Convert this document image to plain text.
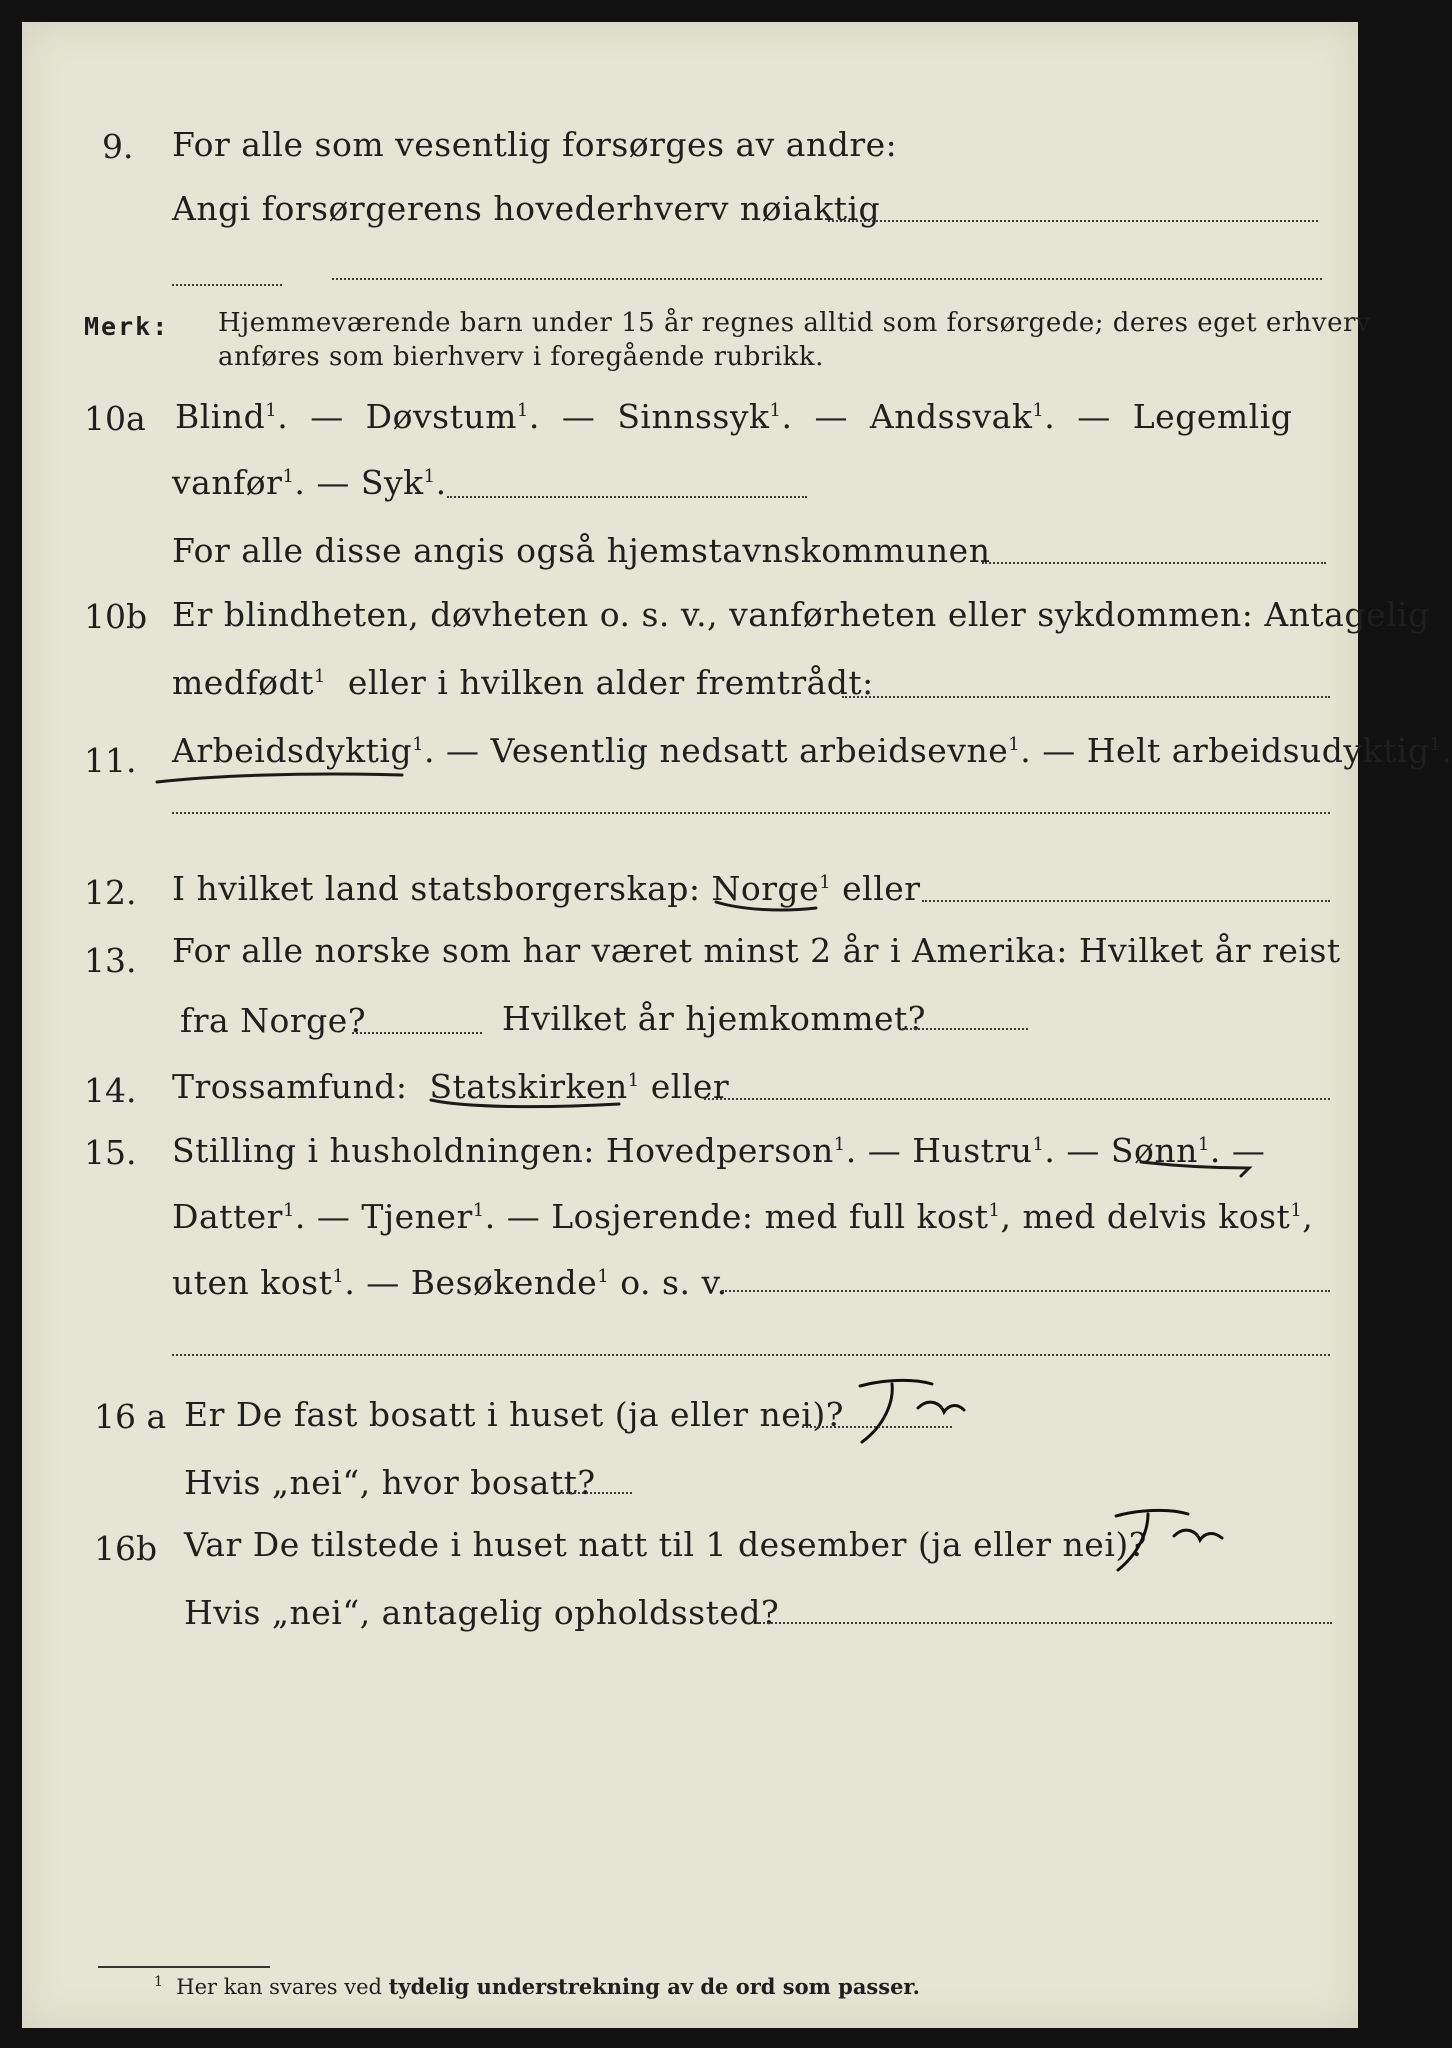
9. For alle som vesentlig forsørges av andre:
Angi forsørgerens hovederhverv nøiaktig
Merk: Hjemmeværende barn under 15 år regnes alltid som forsørgede; deres eget erhverv
anføres som bierhverv i foregående rubrikk.
10a Blind$^1$.  — Døvstum$^1$.  — Sinnssyk$^1$.  — Andssvak$^1$.  — Legemlig
vanfør$^1$. — Syk$^1$.
For alle disse angis også hjemstavnskommunen
10b Er blindheten, døvheten o. s. v., vanførheten eller sykdommen: Antagelig
medfødt$^1$ eller i hvilken alder fremtrådt:
11. Arbeidsdyktig$^1$. — Vesentlig nedsatt arbeidsevne$^1$. — Helt arbeidsudyktig$^1$.
12. I hvilket land statsborgerskap: Norge$^1$ eller
13. For alle norske som har været minst 2 år i Amerika: Hvilket år reist
fra Norge?	Hvilket år hjemkommet?
14. Trossamfund: Statskirken$^1$ eller
15. Stilling i husholdningen: Hovedperson$^1$. — Hustru$^1$. — Sønn$^1$. —
Datter$^1$. — Tjener$^1$. — Losjerende: med full kost$^1$, med delvis kost$^1$,
uten kost$^1$. — Besøkende$^1$ o. s. v.
16 a Er De fast bosatt i huset (ja eller nei)?
Hvis „nei“, hvor bosatt?
16b Var De tilstede i huset natt til 1 desember (ja eller nei)?
Hvis „nei“, antagelig opholdssted?
$^1$ Her kan svares ved tydelig understrekning av de ord som passer.
